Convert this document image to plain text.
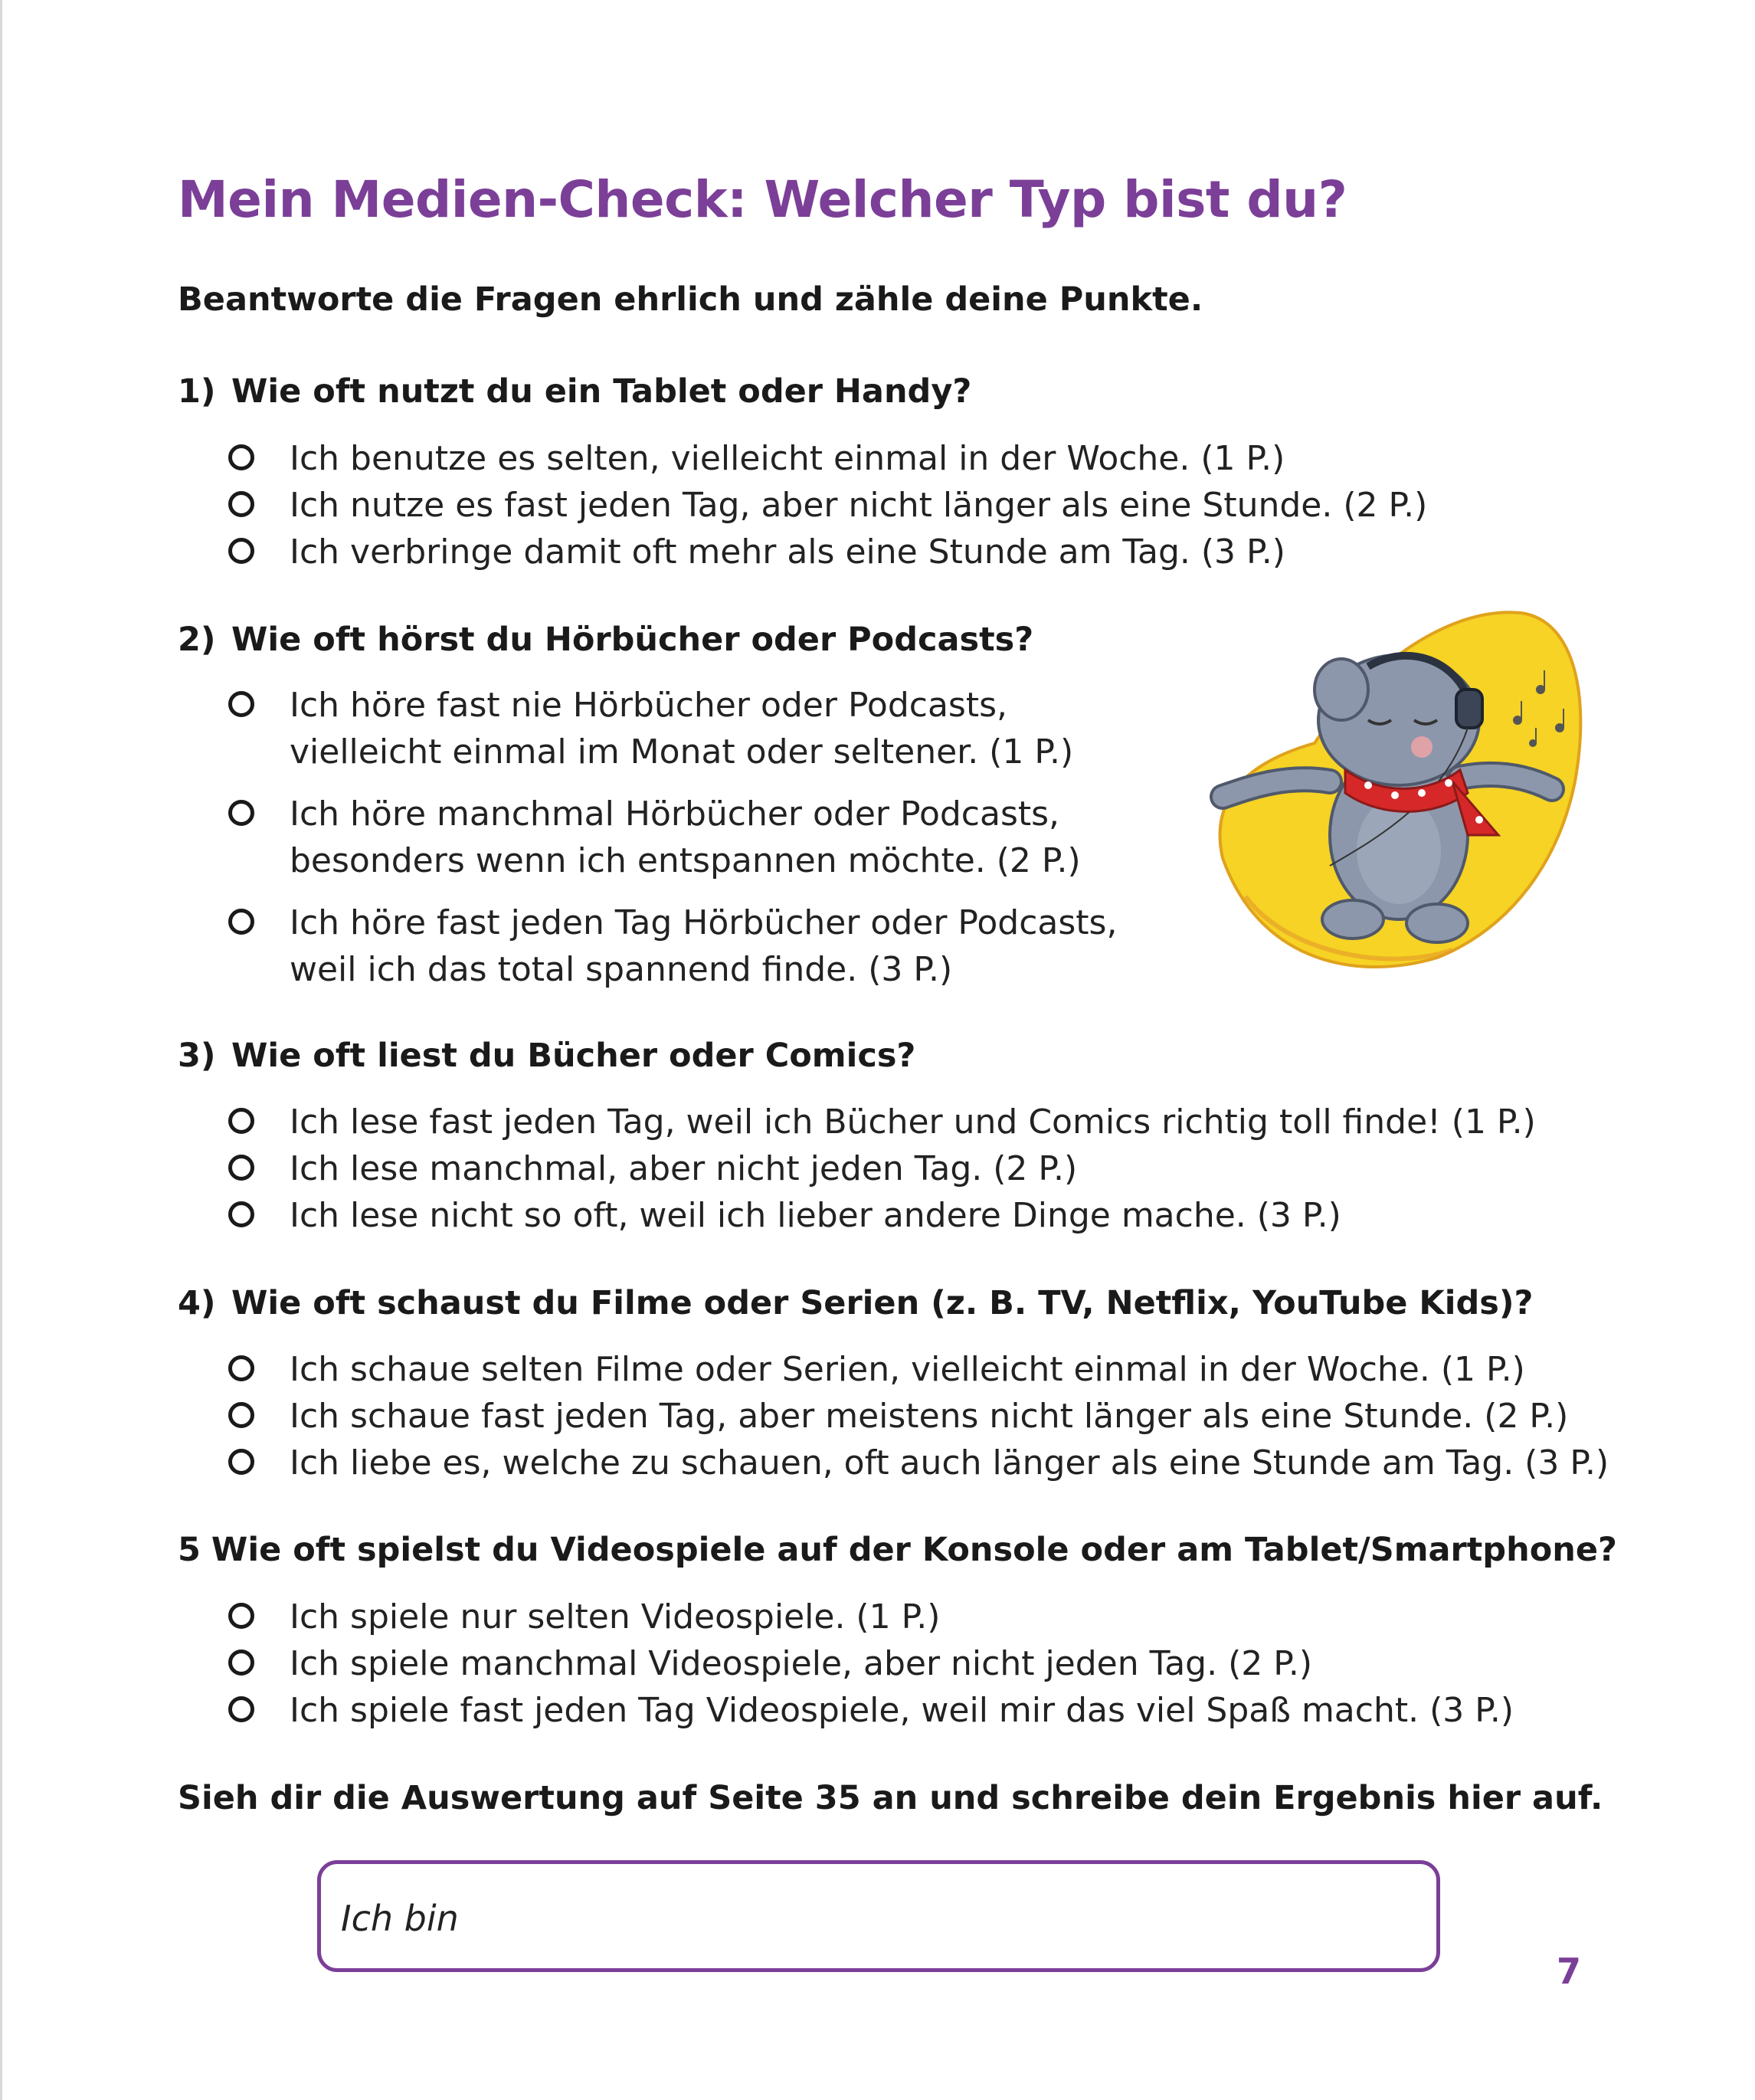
Mein Medien-Check: Welcher Typ bist du?

Beantworte die Fragen ehrlich und zähle deine Punkte.

1) Wie oft nutzt du ein Tablet oder Handy?

Ich benutze es selten, vielleicht einmal in der Woche. (1 P.)
Ich nutze es fast jeden Tag, aber nicht länger als eine Stunde. (2 P.)
Ich verbringe damit oft mehr als eine Stunde am Tag. (3 P.)

2) Wie oft hörst du Hörbücher oder Podcasts?

Ich höre fast nie Hörbücher oder Podcasts,
vielleicht einmal im Monat oder seltener. (1 P.)
Ich höre manchmal Hörbücher oder Podcasts,
besonders wenn ich entspannen möchte. (2 P.)
Ich höre fast jeden Tag Hörbücher oder Podcasts,
weil ich das total spannend finde. (3 P.)

3) Wie oft liest du Bücher oder Comics?

Ich lese fast jeden Tag, weil ich Bücher und Comics richtig toll finde! (1 P.)
Ich lese manchmal, aber nicht jeden Tag. (2 P.)
Ich lese nicht so oft, weil ich lieber andere Dinge mache. (3 P.)

4) Wie oft schaust du Filme oder Serien (z. B. TV, Netflix, YouTube Kids)?

Ich schaue selten Filme oder Serien, vielleicht einmal in der Woche. (1 P.)
Ich schaue fast jeden Tag, aber meistens nicht länger als eine Stunde. (2 P.)
Ich liebe es, welche zu schauen, oft auch länger als eine Stunde am Tag. (3 P.)

5 Wie oft spielst du Videospiele auf der Konsole oder am Tablet/Smartphone?

Ich spiele nur selten Videospiele. (1 P.)
Ich spiele manchmal Videospiele, aber nicht jeden Tag. (2 P.)
Ich spiele fast jeden Tag Videospiele, weil mir das viel Spaß macht. (3 P.)

Sieh dir die Auswertung auf Seite 35 an und schreibe dein Ergebnis hier auf.

Ich bin
7
